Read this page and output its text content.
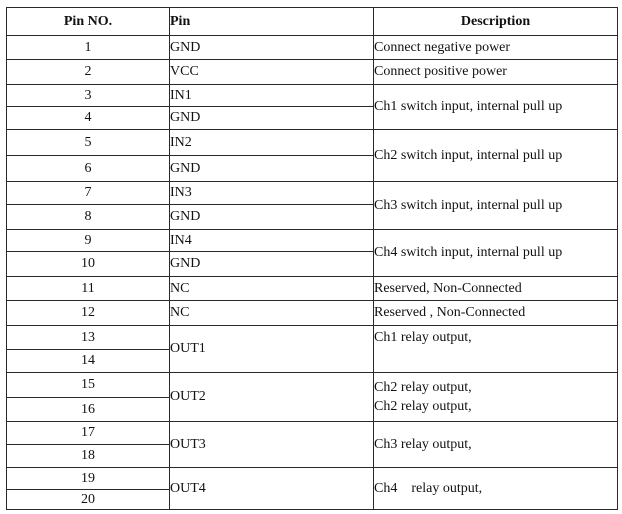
Pin NO.	Pin	Description
1	GND	Connect negative power

2	VCC	Connect positive power

3	IN1	Ch1 switch input, internal pull up

4	GND	
5	IN2	Ch2 switch input, internal pull up

6	GND	
7	IN3	Ch3 switch input, internal pull up

8	GND	
9	IN4	Ch4 switch input, internal pull up

10	GND	
11	NC	Reserved, Non-Connected

12	NC	Reserved , Non-Connected

13	OUT1	Ch1 relay output,

14		
15	OUT2	Ch2 relay output,
Ch2 relay output,

16		
17	OUT3	Ch3 relay output,

18		
19	OUT4	Ch4    relay output,

20		
